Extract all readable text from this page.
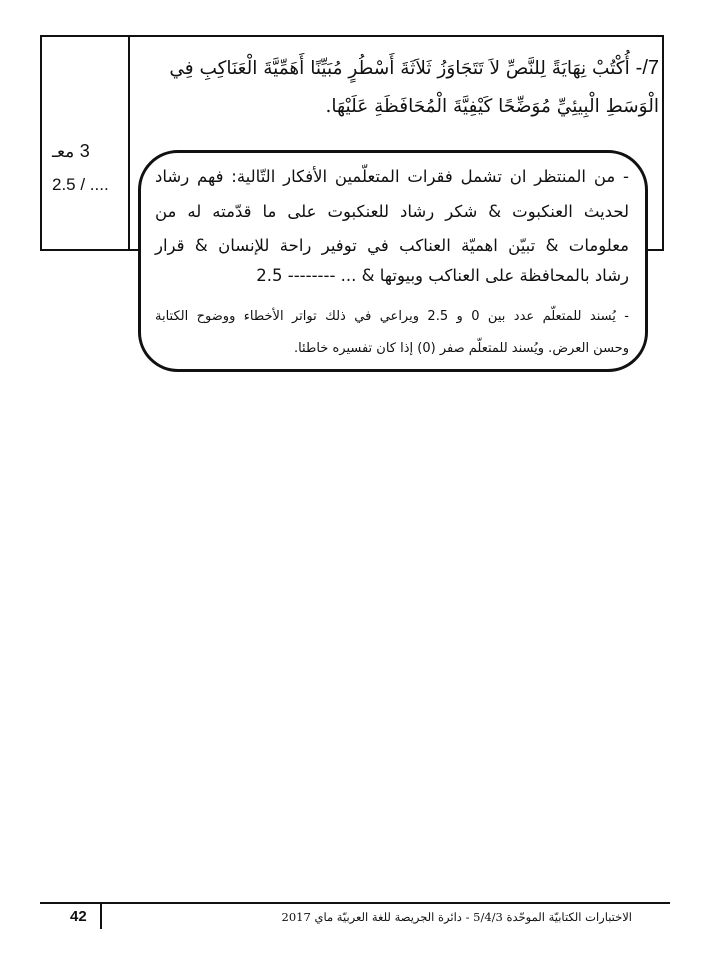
3 معـ
2.5 / ....
7/- أُكْتُبْ نِهَايَةً لِلنَّصِّ لاَ تَتَجَاوَزُ ثَلاَثَةَ أَسْطُرٍ مُبَيِّنًا أَهَمِّيَّةَ الْعَنَاكِبِ فِي الْوَسَطِ الْبِيئِيِّ مُوَضِّحًا كَيْفِيَّةَ الْمُحَافَظَةِ عَلَيْهَا.
- من المنتظر ان تشمل فقرات المتعلّمين الأفكار التّالية: فهم رشاد
لحديث العنكبوت & شكر رشاد للعنكبوت على ما قدّمته له من
معلومات & تبيّن اهميّة العناكب في توفير راحة للإنسان & قرار
رشاد بالمحافظة على العناكب وبيوتها & ... -------- 2.5
- يُسند للمتعلّم عدد بين 0 و 2.5 ويراعي في ذلك تواتر الأخطاء ووضوح الكتابة
وحسن العرض. ويُسند للمتعلّم صفر (0) إذا كان تفسيره خاطئا.
42	الاختبارات الكتابيّة الموحّدة 5/4/3 - دائرة الجريصة للغة العربيّة ماي 2017
